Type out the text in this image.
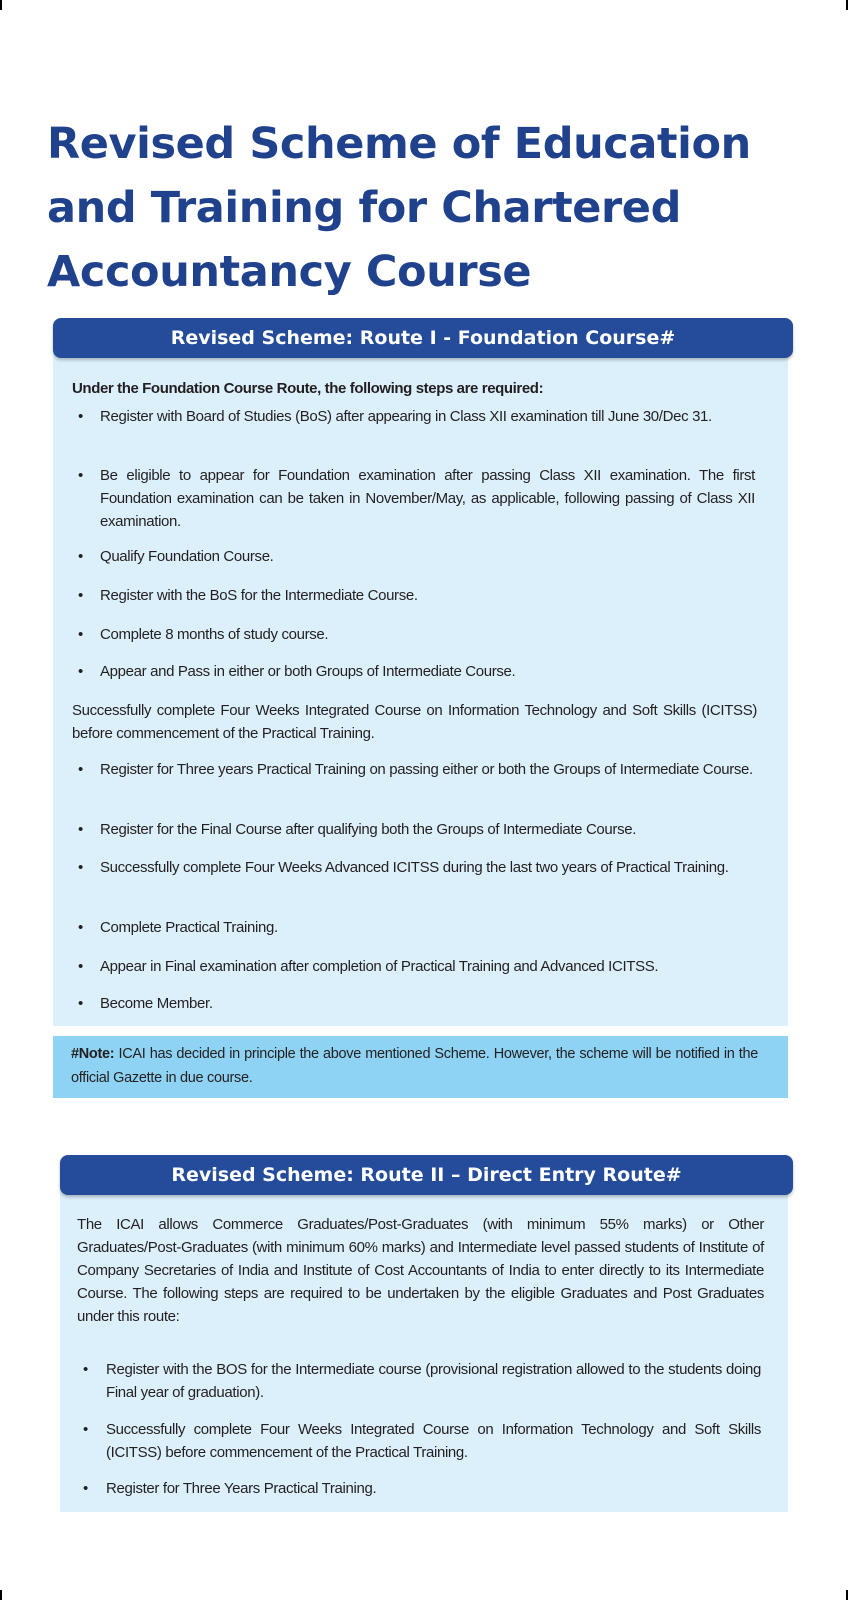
Revised Scheme of Education
and Training for Chartered
Accountancy Course
Revised Scheme: Route I - Foundation Course#
Under the Foundation Course Route, the following steps are required:
• Register with Board of Studies (BoS) after appearing in Class XII examination till June 30/Dec 31.

• Be eligible to appear for Foundation examination after passing Class XII examination. The first Foundation examination can be taken in November/May, as applicable, following passing of Class XII examination.

• Qualify Foundation Course.

• Register with the BoS for the Intermediate Course.

• Complete 8 months of study course.

• Appear and Pass in either or both Groups of Intermediate Course.

Successfully complete Four Weeks Integrated Course on Information Technology and Soft Skills (ICITSS) before commencement of the Practical Training.

• Register for Three years Practical Training on passing either or both the Groups of Intermediate Course.

• Register for the Final Course after qualifying both the Groups of Intermediate Course.

• Successfully complete Four Weeks Advanced ICITSS during the last two years of Practical Training.

• Complete Practical Training.

• Appear in Final examination after completion of Practical Training and Advanced ICITSS.

• Become Member.

#Note: ICAI has decided in principle the above mentioned Scheme. However, the scheme will be notified in the official Gazette in due course.
Revised Scheme: Route II – Direct Entry Route#

The ICAI allows Commerce Graduates/Post-Graduates (with minimum 55% marks) or Other Graduates/Post-Graduates (with minimum 60% marks) and Intermediate level passed students of Institute of Company Secretaries of India and Institute of Cost Accountants of India to enter directly to its Intermediate Course. The following steps are required to be undertaken by the eligible Graduates and Post Graduates under this route:

• Register with the BOS for the Intermediate course (provisional registration allowed to the students doing Final year of graduation).

• Successfully complete Four Weeks Integrated Course on Information Technology and Soft Skills (ICITSS) before commencement of the Practical Training.

• Register for Three Years Practical Training.
